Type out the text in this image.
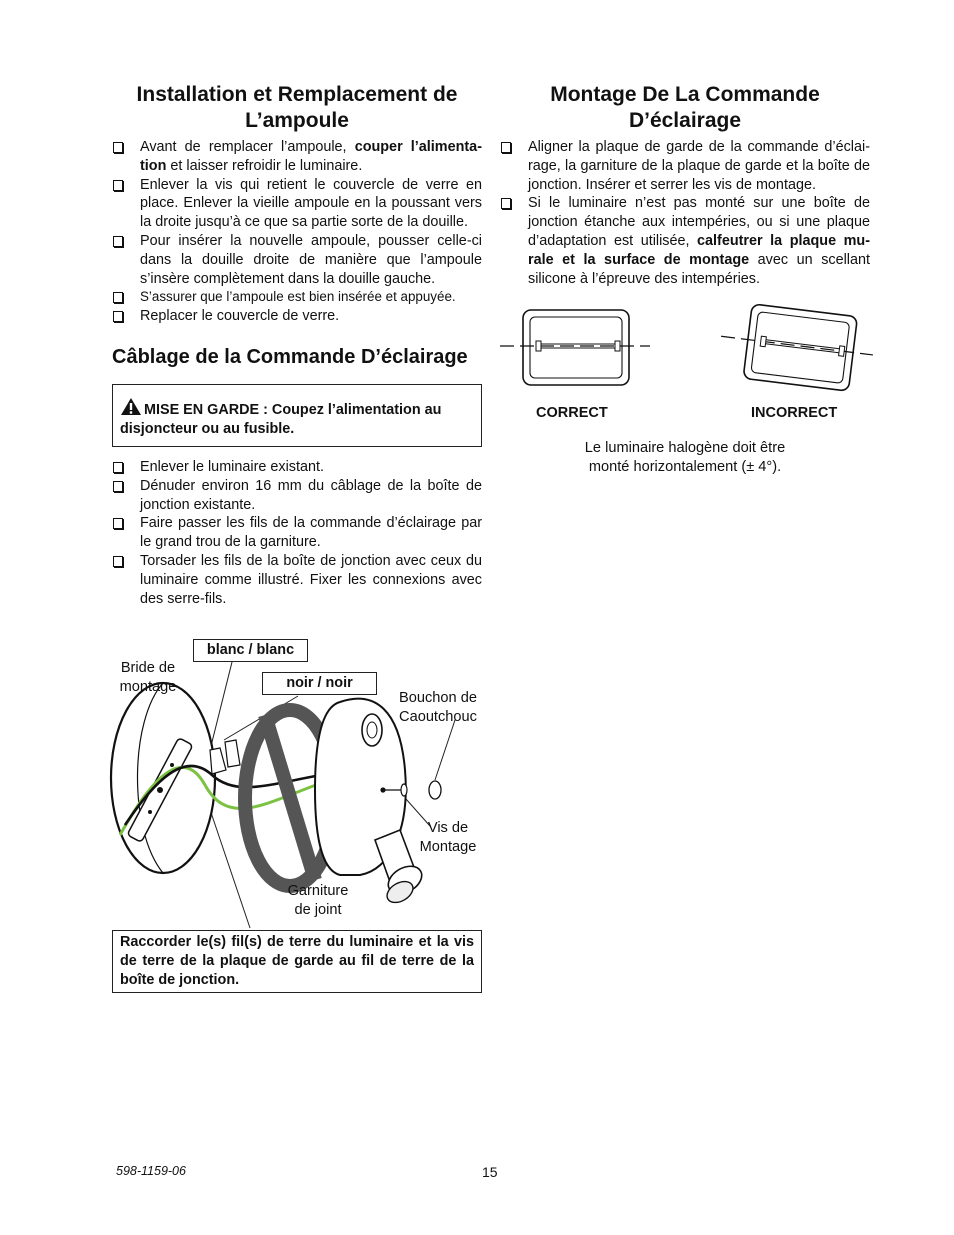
Installation et Remplacement de
L’ampoule
Avant de remplacer l’ampoule, couper l’alimenta-tion et laisser refroidir le luminaire.
Enlever la vis qui retient le couvercle de verre en place. Enlever la vieille ampoule en la poussant vers la droite jusqu’à ce que sa partie sorte de la douille.
Pour insérer la nouvelle ampoule, pousser celle-ci dans la douille droite de manière que l’ampoule s’insère complètement dans la douille gauche.
S’assurer que l’ampoule est bien insérée et appuyée.
Replacer le couvercle de verre.
Câblage de la Commande D’éclairage
MISE EN GARDE : Coupez l’alimentation au disjoncteur ou au fusible.
Enlever le luminaire existant.
Dénuder environ 16 mm du câblage de la boîte de jonction existante.
Faire passer les fils de la commande d’éclairage par le grand trou de la garniture.
Torsader les fils de la boîte de jonction avec ceux du luminaire comme illustré. Fixer les connexions avec des serre-fils.
blanc / blanc
noir / noir
Bride de montage
Bouchon de Caoutchouc
Vis de Montage
Garniture de joint
Raccorder le(s) fil(s) de terre du luminaire et la vis de terre de la plaque de garde au fil de terre de la boîte de jonction.
Montage De La Commande
D’éclairage
Aligner la plaque de garde de la commande d’éclai-rage, la garniture de la plaque de garde et la boîte de jonction. Insérer et serrer les vis de montage.
Si le luminaire n’est pas monté sur une boîte de jonction étanche aux intempéries, ou si une plaque d’adaptation est utilisée, calfeutrer la plaque mu-rale et la surface de montage avec un scellant silicone à l’épreuve des intempéries.
CORRECT	INCORRECT
Le luminaire halogène doit être
monté horizontalement (± 4°).
598-1159-06	15
